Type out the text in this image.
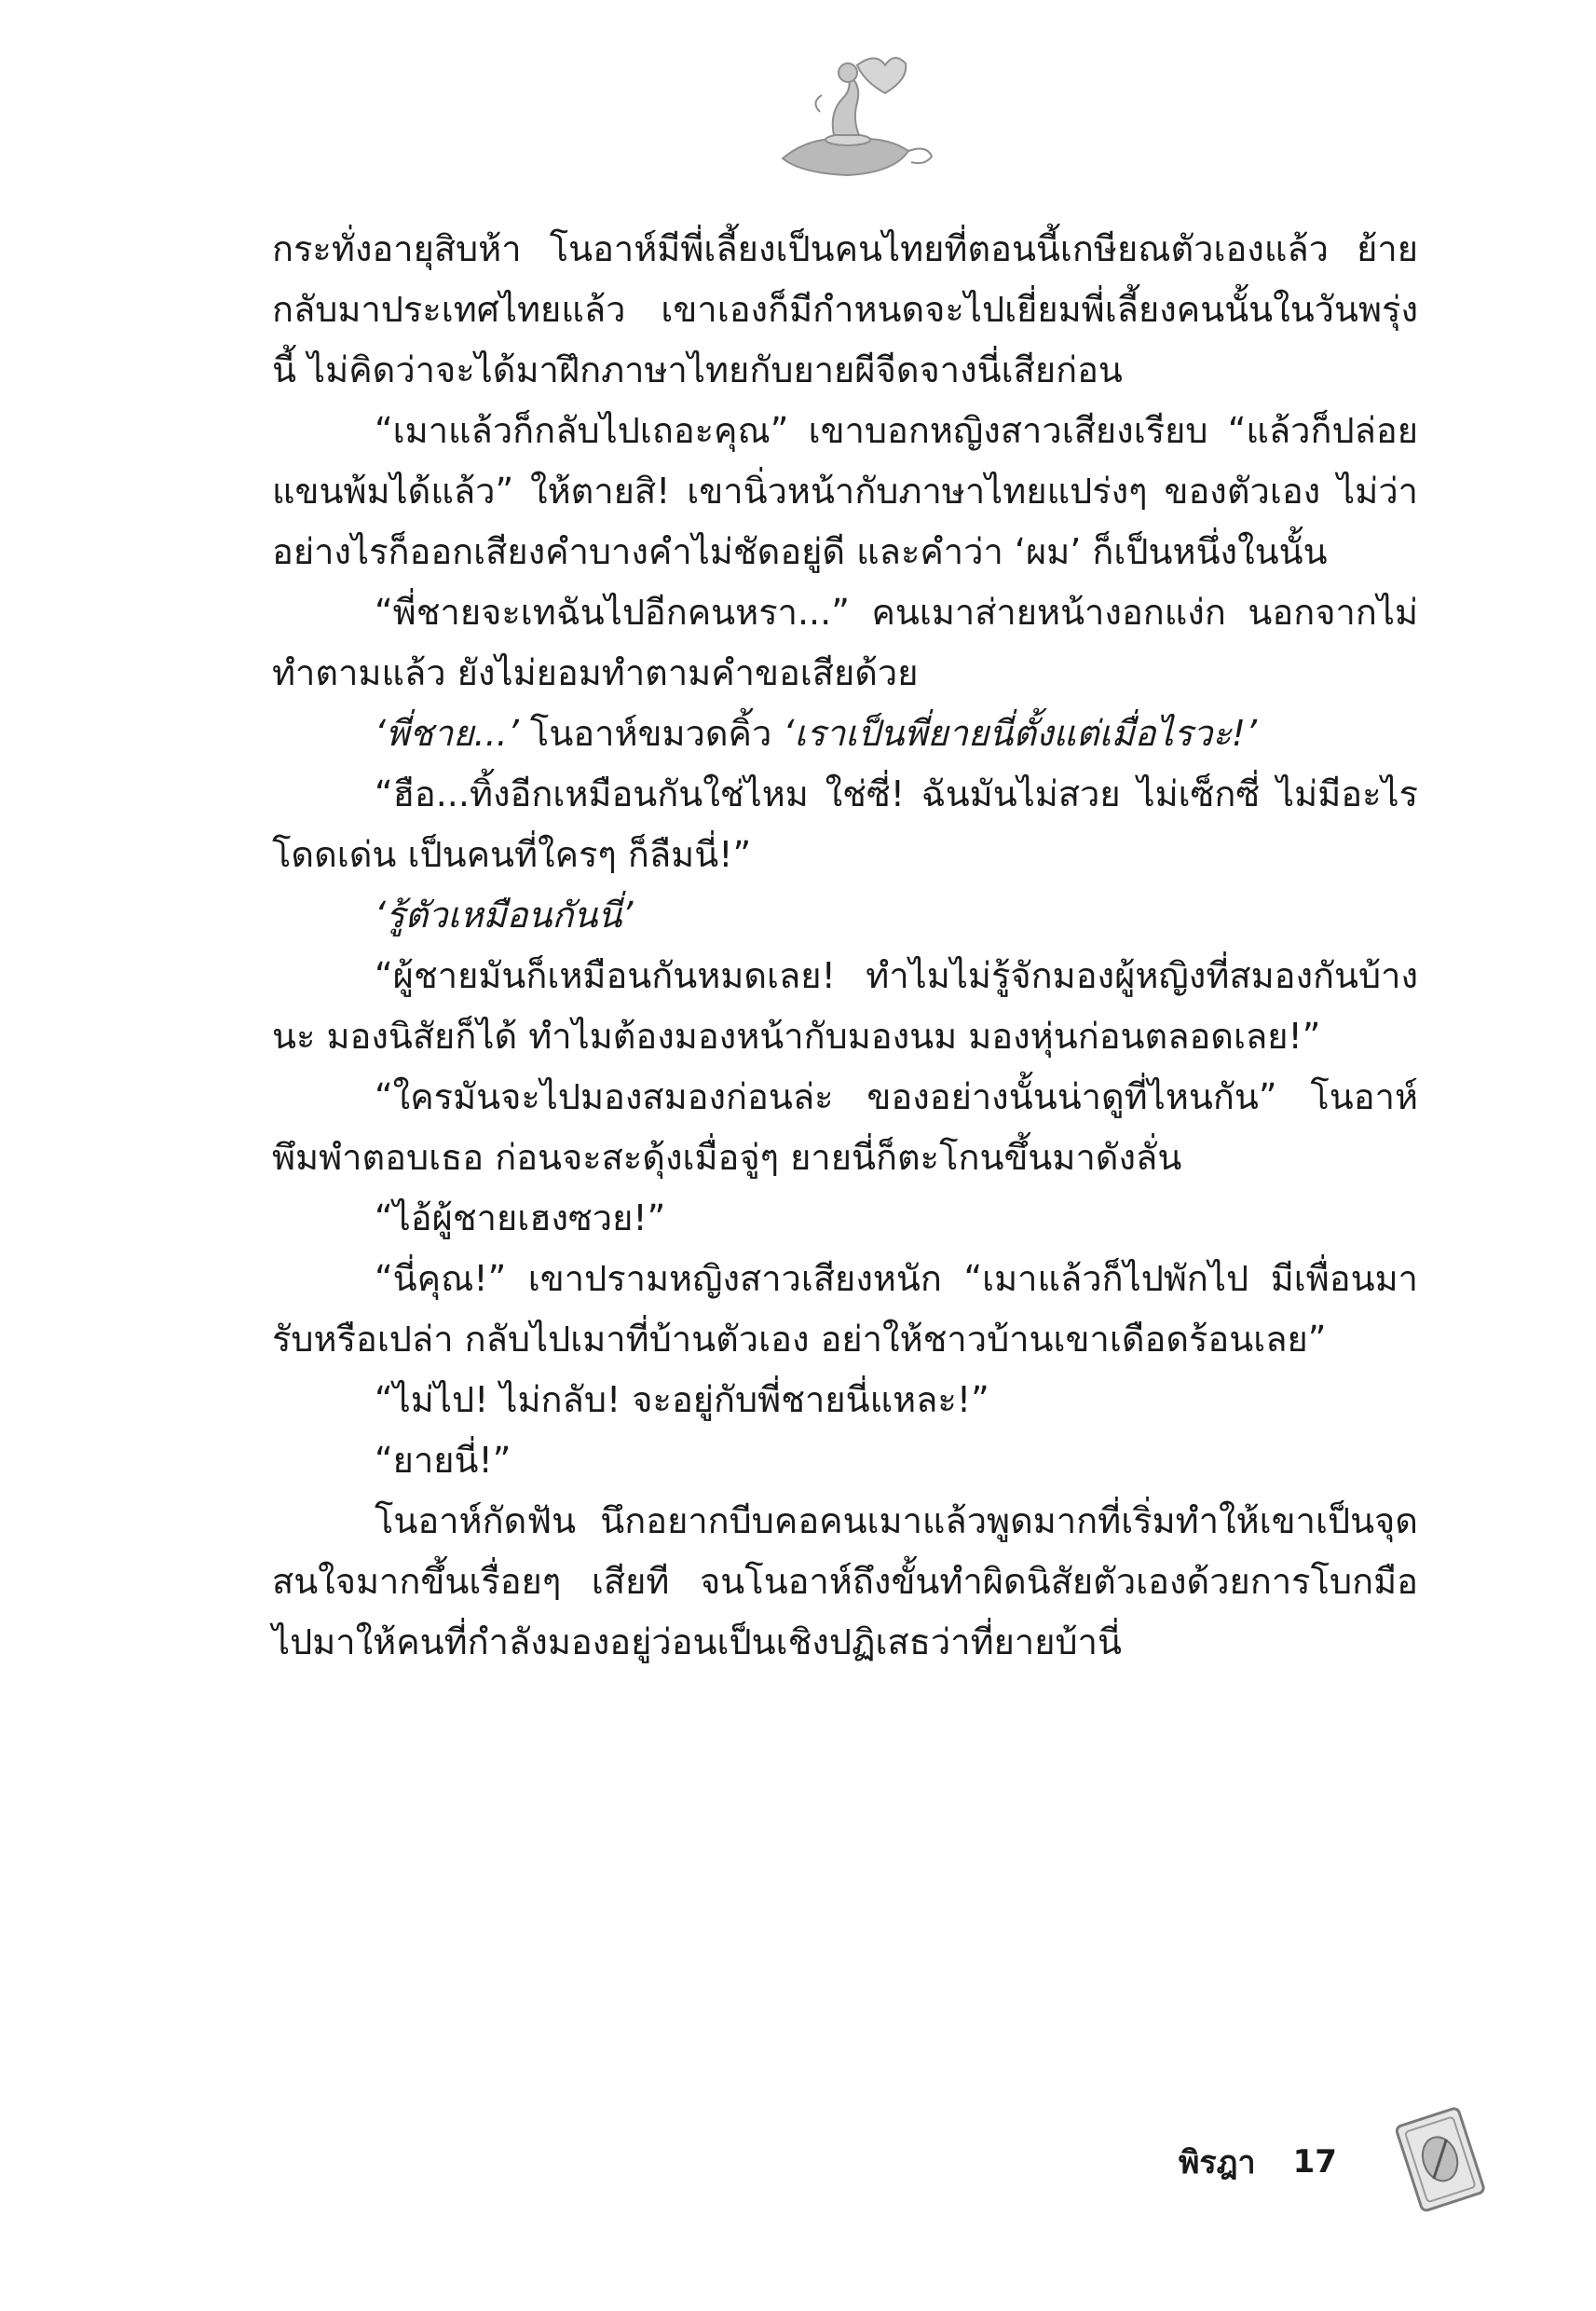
กระทั่งอายุสิบห้า โนอาห์มีพี่เลี้ยงเป็นคนไทยที่ตอนนี้เกษียณตัวเองแล้ว ย้ายกลับมาประเทศไทยแล้ว เขาเองก็มีกำหนดจะไปเยี่ยมพี่เลี้ยงคนนั้นในวันพรุ่งนี้ ไม่คิดว่าจะได้มาฝึกภาษาไทยกับยายผีจีดจางนี่เสียก่อน

“เมาแล้วก็กลับไปเถอะคุณ” เขาบอกหญิงสาวเสียงเรียบ “แล้วก็ปล่อยแขนพ้มได้แล้ว” ให้ตายสิ! เขานิ่วหน้ากับภาษาไทยแปร่งๆ ของตัวเอง ไม่ว่าอย่างไรก็ออกเสียงคำบางคำไม่ชัดอยู่ดี และคำว่า ‘ผม’ ก็เป็นหนึ่งในนั้น

“พี่ชายจะเทฉันไปอีกคนหรา...” คนเมาส่ายหน้างอกแง่ก นอกจากไม่ทำตามแล้ว ยังไม่ยอมทำตามคำขอเสียด้วย

‘พี่ชาย...’ โนอาห์ขมวดคิ้ว ‘เราเป็นพี่ยายนี่ตั้งแต่เมื่อไรวะ!’

“ฮือ...ทิ้งอีกเหมือนกันใช่ไหม ใช่ซี่! ฉันมันไม่สวย ไม่เซ็กซี่ ไม่มีอะไรโดดเด่น เป็นคนที่ใครๆ ก็ลืมนี่!”

‘รู้ตัวเหมือนกันนี่’

“ผู้ชายมันก็เหมือนกันหมดเลย! ทำไมไม่รู้จักมองผู้หญิงที่สมองกันบ้างนะ มองนิสัยก็ได้ ทำไมต้องมองหน้ากับมองนม มองหุ่นก่อนตลอดเลย!”

“ใครมันจะไปมองสมองก่อนล่ะ ของอย่างนั้นน่าดูที่ไหนกัน” โนอาห์พึมพำตอบเธอ ก่อนจะสะดุ้งเมื่อจู่ๆ ยายนี่ก็ตะโกนขึ้นมาดังลั่น

“ไอ้ผู้ชายเฮงซวย!”

“นี่คุณ!” เขาปรามหญิงสาวเสียงหนัก “เมาแล้วก็ไปพักไป มีเพื่อนมารับหรือเปล่า กลับไปเมาที่บ้านตัวเอง อย่าให้ชาวบ้านเขาเดือดร้อนเลย”

“ไม่ไป! ไม่กลับ! จะอยู่กับพี่ชายนี่แหละ!”

“ยายนี่!”

โนอาห์กัดฟัน นึกอยากบีบคอคนเมาแล้วพูดมากที่เริ่มทำให้เขาเป็นจุดสนใจมากขึ้นเรื่อยๆ เสียที จนโนอาห์ถึงขั้นทำผิดนิสัยตัวเองด้วยการโบกมือไปมาให้คนที่กำลังมองอยู่ว่อนเป็นเชิงปฏิเสธว่าที่ยายบ้านี่

พิรฎา 17
